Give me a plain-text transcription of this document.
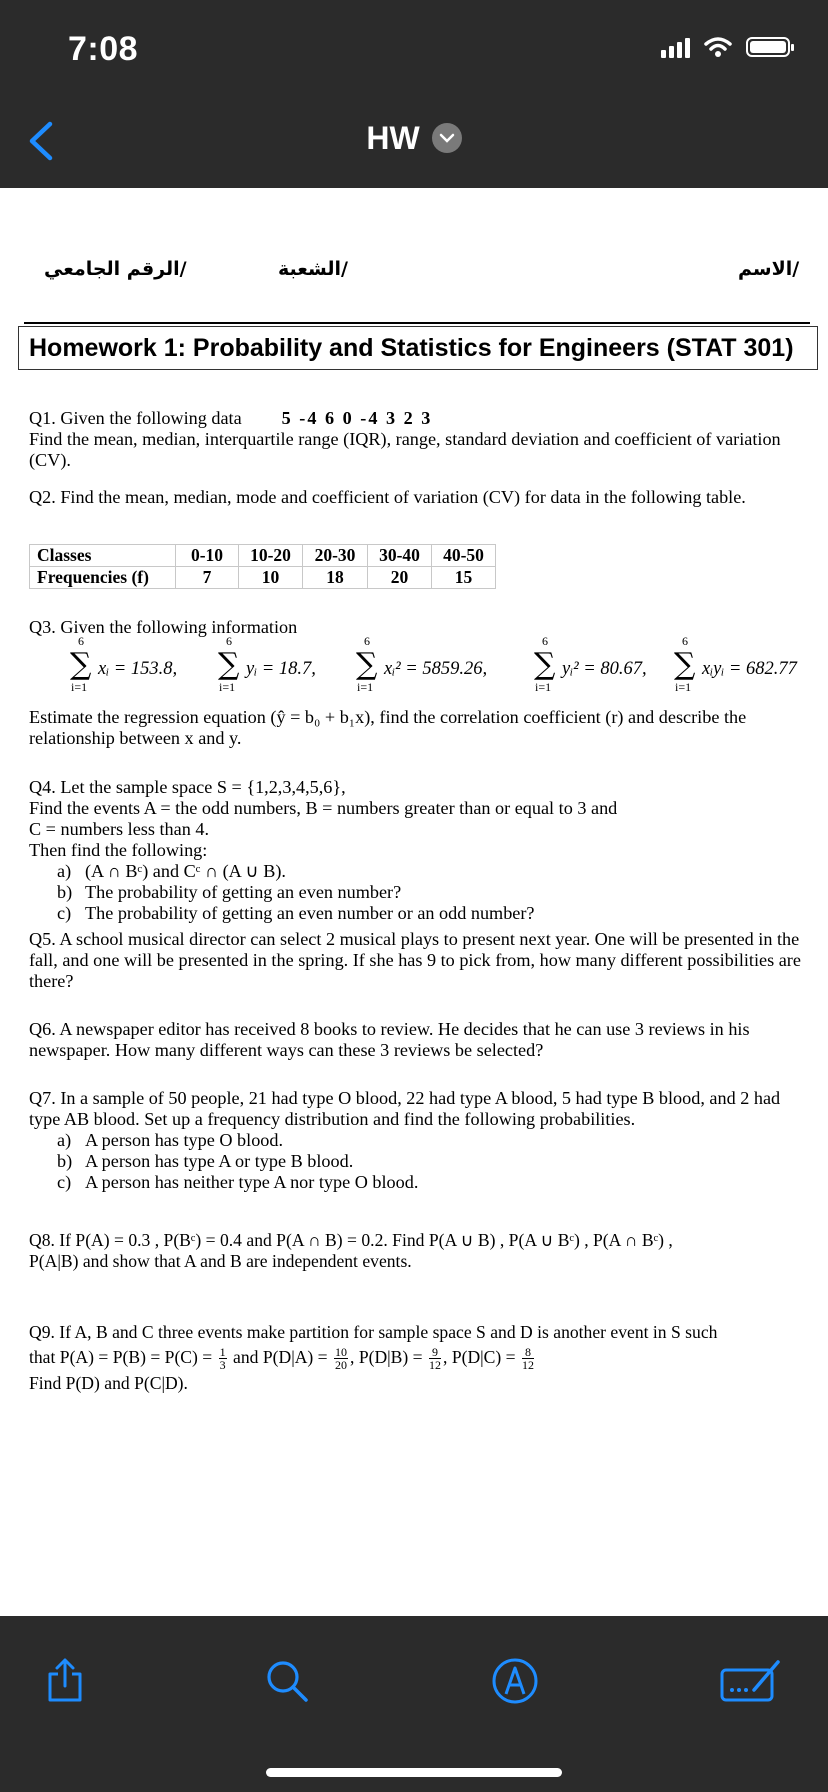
7:08
HW
الرقم الجامعي/	الشعبة/	الاسم/
Homework 1: Probability and Statistics for Engineers (STAT 301)

Q1. Given the following data 5 -4 6 0 -4 3 2 3

Find the mean, median, interquartile range (IQR), range, standard deviation and coefficient of variation (CV).

Q2. Find the mean, median, mode and coefficient of variation (CV) for data in the following table.

Classes	0-10	10-20	20-30	30-40	40-50
Frequencies (f)	7	10	18	20	15

Q3. Given the following information

6
∑
i=1
xᵢ = 153.8,
6
∑
i=1
yᵢ = 18.7,
6
∑
i=1
xᵢ² = 5859.26,
6
∑
i=1
yᵢ² = 80.67,
6
∑
i=1
xᵢyᵢ = 682.77

Estimate the regression equation (ŷ = b₀ + b₁x), find the correlation coefficient (r) and describe the relationship between x and y.

Q4. Let the sample space S = {1,2,3,4,5,6},

Find the events A = the odd numbers, B = numbers greater than or equal to 3 and

C = numbers less than 4.

Then find the following:

a) (A ∩ Bᶜ) and Cᶜ ∩ (A ∪ B).
b) The probability of getting an even number?
c) The probability of getting an even number or an odd number?

Q5. A school musical director can select 2 musical plays to present next year. One will be presented in the fall, and one will be presented in the spring. If she has 9 to pick from, how many different possibilities are there?

Q6. A newspaper editor has received 8 books to review. He decides that he can use 3 reviews in his newspaper. How many different ways can these 3 reviews be selected?

Q7. In a sample of 50 people, 21 had type O blood, 22 had type A blood, 5 had type B blood, and 2 had type AB blood. Set up a frequency distribution and find the following probabilities.

a) A person has type O blood.
b) A person has type A or type B blood.
c) A person has neither type A nor type O blood.

Q8. If P(A) = 0.3 , P(Bᶜ) = 0.4 and P(A ∩ B) = 0.2. Find P(A ∪ B) , P(A ∪ Bᶜ) , P(A ∩ Bᶜ) ,

P(A|B) and show that A and B are independent events.

Q9. If A, B and C three events make partition for sample space S and D is another event in S such

that $P(A) = P(B) = P(C) = \frac{1}{3}$ and $P(D|A) = \frac{10}{20}$ , $P(D|B) = \frac{9}{12}$ , $P(D|C) = \frac{8}{12}$

Find P(D) and P(C|D).
